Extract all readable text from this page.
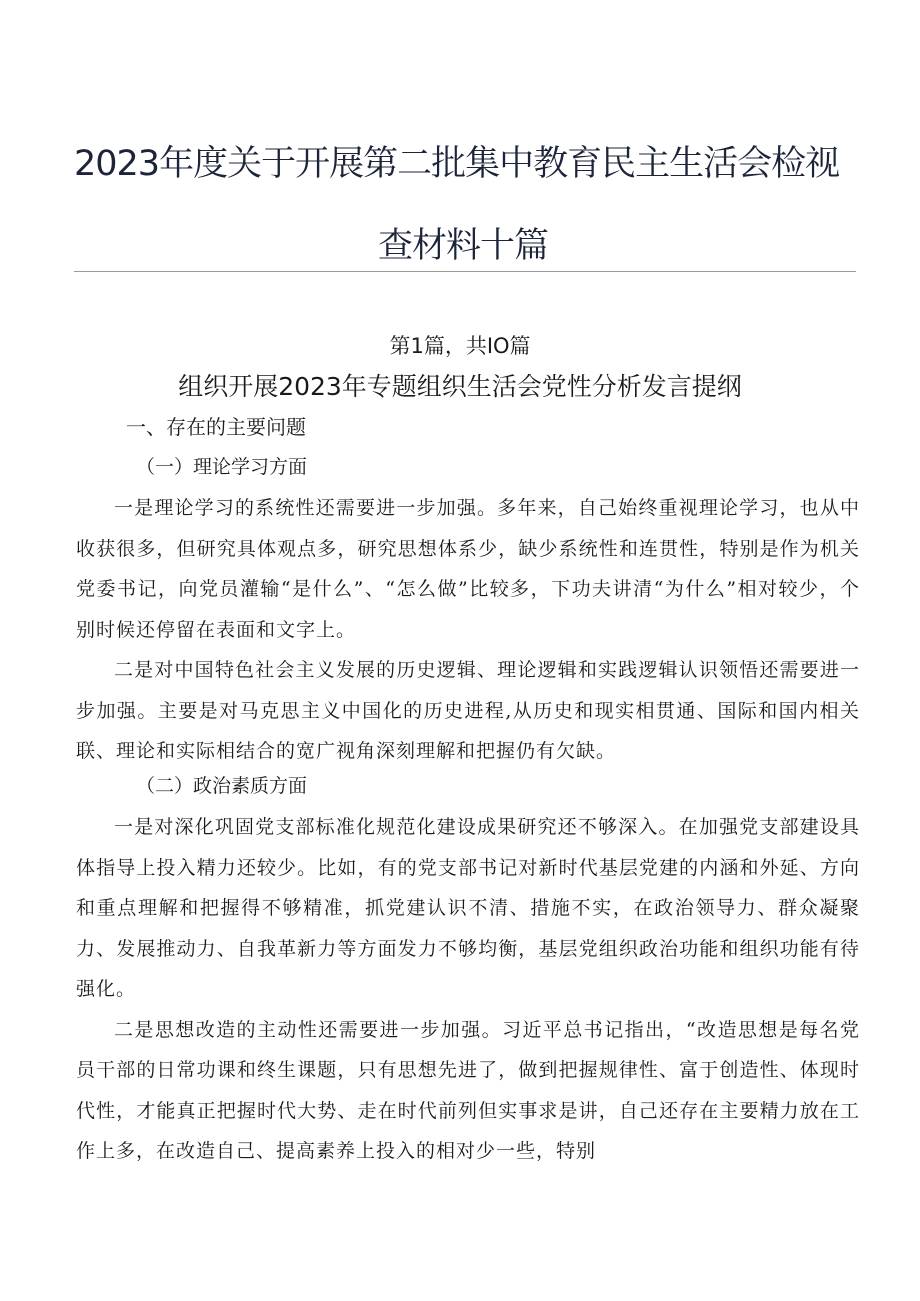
2023年度关于开展第二批集中教育民主生活会检视
查材料十篇
第1篇，共IO篇
组织开展2023年专题组织生活会党性分析发言提纲
一、存在的主要问题
（一）理论学习方面

一是理论学习的系统性还需要进一步加强。多年来，自己始终重视理论学习，也从中收获很多，但研究具体观点多，研究思想体系少，缺少系统性和连贯性，特别是作为机关党委书记，向党员灌输“是什么”、“怎么做”比较多，下功夫讲清“为什么”相对较少，个别时候还停留在表面和文字上。

二是对中国特色社会主义发展的历史逻辑、理论逻辑和实践逻辑认识领悟还需要进一步加强。主要是对马克思主义中国化的历史进程,从历史和现实相贯通、国际和国内相关联、理论和实际相结合的宽广视角深刻理解和把握仍有欠缺。

（二）政治素质方面

一是对深化巩固党支部标准化规范化建设成果研究还不够深入。在加强党支部建设具体指导上投入精力还较少。比如，有的党支部书记对新时代基层党建的内涵和外延、方向和重点理解和把握得不够精准，抓党建认识不清、措施不实，在政治领导力、群众凝聚力、发展推动力、自我革新力等方面发力不够均衡，基层党组织政治功能和组织功能有待强化。

二是思想改造的主动性还需要进一步加强。习近平总书记指出，“改造思想是每名党员干部的日常功课和终生课题，只有思想先进了，做到把握规律性、富于创造性、体现时代性，才能真正把握时代大势、走在时代前列但实事求是讲，自己还存在主要精力放在工作上多，在改造自己、提高素养上投入的相对少一些，特别
